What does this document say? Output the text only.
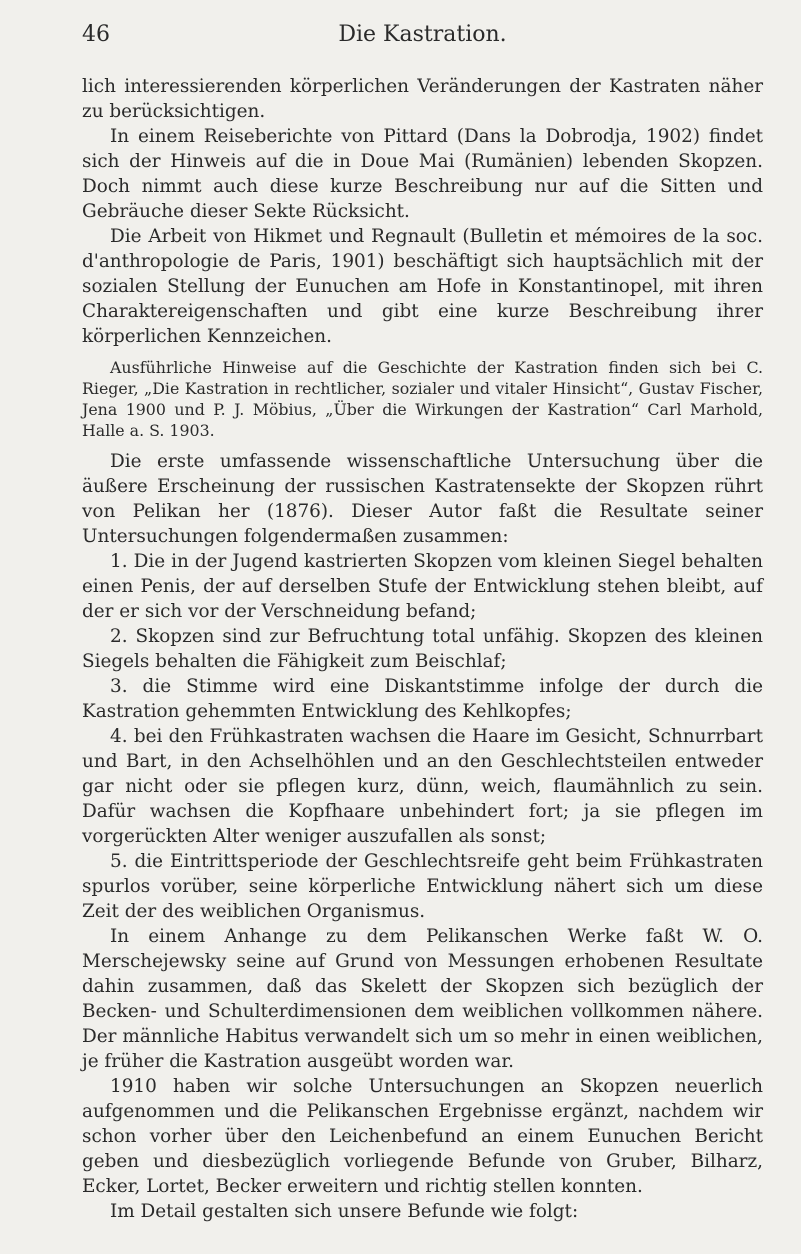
46	Die Kastration.

lich interessierenden körperlichen Veränderungen der Kastraten näher zu berücksichtigen.

In einem Reiseberichte von Pittard (Dans la Dobrodja, 1902) findet sich der Hinweis auf die in Doue Mai (Rumänien) lebenden Skopzen. Doch nimmt auch diese kurze Beschreibung nur auf die Sitten und Gebräuche dieser Sekte Rücksicht.

Die Arbeit von Hikmet und Regnault (Bulletin et mémoires de la soc. d'anthropologie de Paris, 1901) beschäftigt sich hauptsächlich mit der sozialen Stellung der Eunuchen am Hofe in Konstantinopel, mit ihren Charaktereigenschaften und gibt eine kurze Beschreibung ihrer körperlichen Kennzeichen.

Ausführliche Hinweise auf die Geschichte der Kastration finden sich bei C. Rieger, „Die Kastration in rechtlicher, sozialer und vitaler Hinsicht“, Gustav Fischer, Jena 1900 und P. J. Möbius, „Über die Wirkungen der Kastration“ Carl Marhold, Halle a. S. 1903.

Die erste umfassende wissenschaftliche Untersuchung über die äußere Erscheinung der russischen Kastratensekte der Skopzen rührt von Pelikan her (1876). Dieser Autor faßt die Resultate seiner Untersuchungen folgendermaßen zusammen:

1. Die in der Jugend kastrierten Skopzen vom kleinen Siegel behalten einen Penis, der auf derselben Stufe der Entwicklung stehen bleibt, auf der er sich vor der Verschneidung befand;

2. Skopzen sind zur Befruchtung total unfähig. Skopzen des kleinen Siegels behalten die Fähigkeit zum Beischlaf;

3. die Stimme wird eine Diskantstimme infolge der durch die Kastration gehemmten Entwicklung des Kehlkopfes;

4. bei den Frühkastraten wachsen die Haare im Gesicht, Schnurrbart und Bart, in den Achselhöhlen und an den Geschlechtsteilen entweder gar nicht oder sie pflegen kurz, dünn, weich, flaumähnlich zu sein. Dafür wachsen die Kopfhaare unbehindert fort; ja sie pflegen im vorgerückten Alter weniger auszufallen als sonst;

5. die Eintrittsperiode der Geschlechtsreife geht beim Frühkastraten spurlos vorüber, seine körperliche Entwicklung nähert sich um diese Zeit der des weiblichen Organismus.

In einem Anhange zu dem Pelikanschen Werke faßt W. O. Merschejewsky seine auf Grund von Messungen erhobenen Resultate dahin zusammen, daß das Skelett der Skopzen sich bezüglich der Becken- und Schulterdimensionen dem weiblichen vollkommen nähere. Der männliche Habitus verwandelt sich um so mehr in einen weiblichen, je früher die Kastration ausgeübt worden war.

1910 haben wir solche Untersuchungen an Skopzen neuerlich aufgenommen und die Pelikanschen Ergebnisse ergänzt, nachdem wir schon vorher über den Leichenbefund an einem Eunuchen Bericht geben und diesbezüglich vorliegende Befunde von Gruber, Bilharz, Ecker, Lortet, Becker erweitern und richtig stellen konnten.

Im Detail gestalten sich unsere Befunde wie folgt:
